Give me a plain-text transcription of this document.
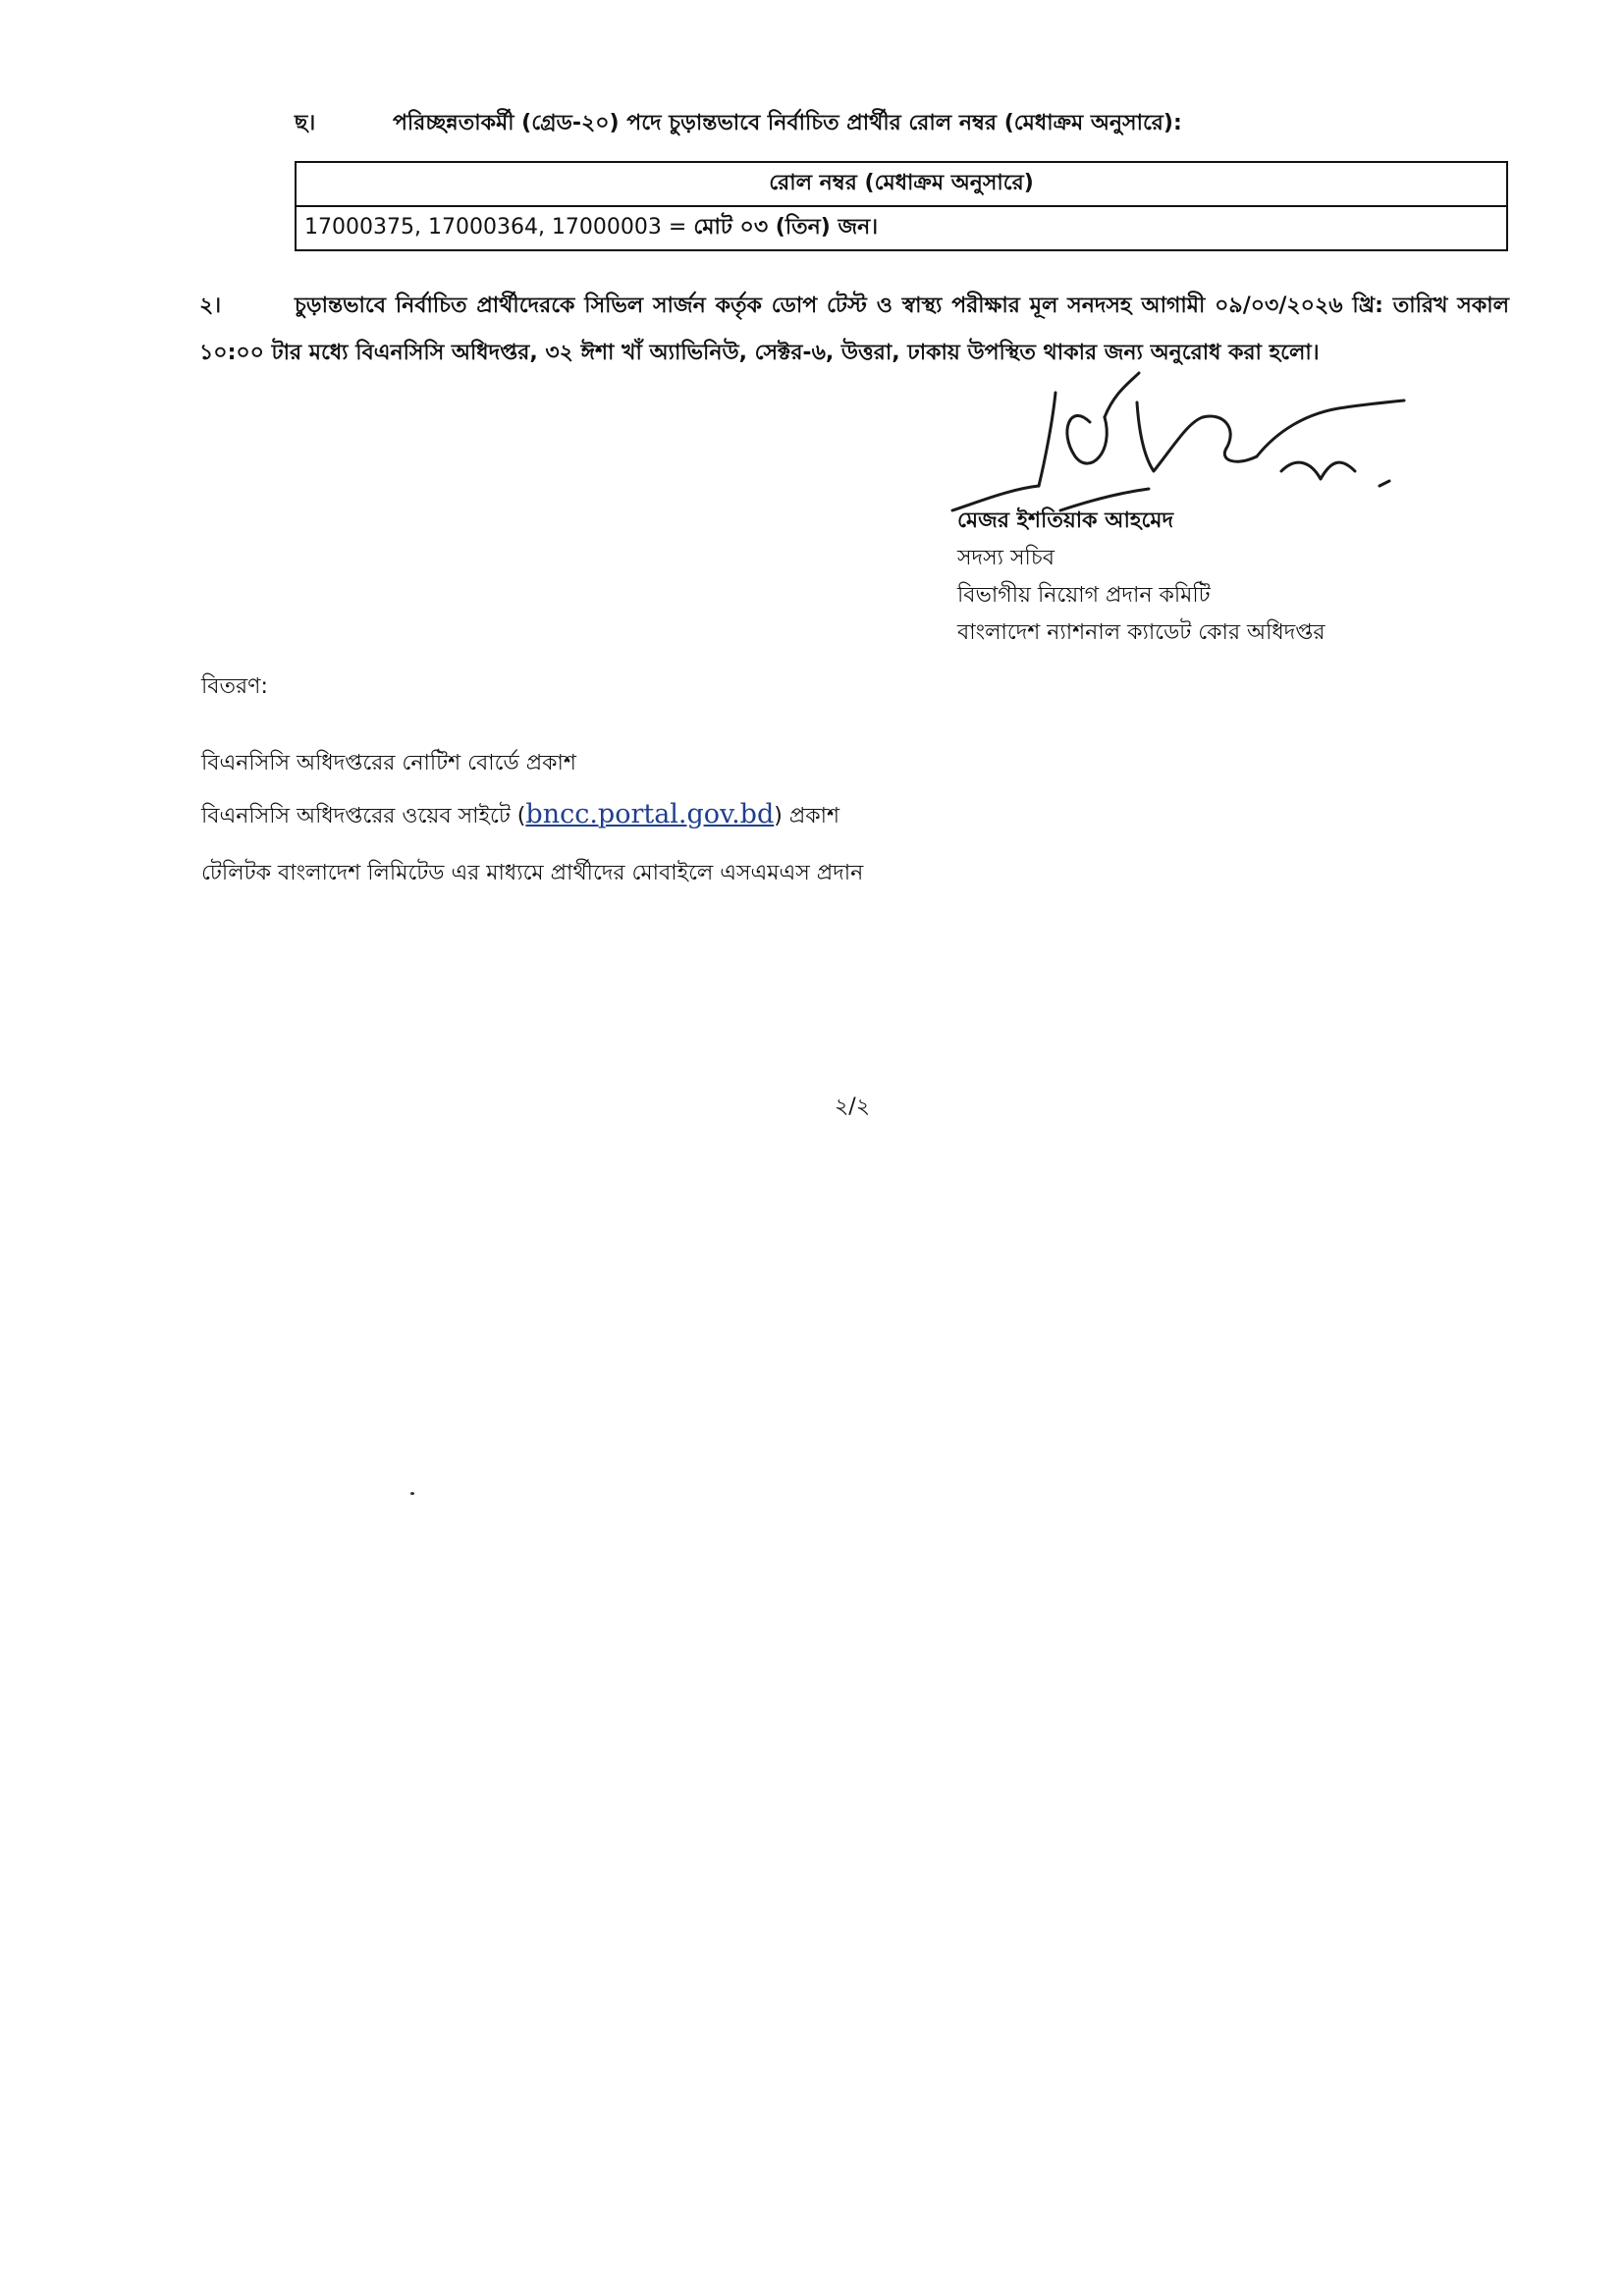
ছ।	পরিচ্ছন্নতাকর্মী (গ্রেড-২০) পদে চুড়ান্তভাবে নির্বাচিত প্রার্থীর রোল নম্বর (মেধাক্রম অনুসারে):
রোল নম্বর (মেধাক্রম অনুসারে)
17000375, 17000364, 17000003 = মোট ০৩ (তিন) জন।
২।	চুড়ান্তভাবে নির্বাচিত প্রার্থীদেরকে সিভিল সার্জন কর্তৃক ডোপ টেস্ট ও স্বাস্থ্য পরীক্ষার মূল সনদসহ আগামী ০৯/০৩/২০২৬ খ্রি: তারিখ সকাল ১০:০০ টার মধ্যে বিএনসিসি অধিদপ্তর, ৩২ ঈশা খাঁ অ্যাভিনিউ, সেক্টর-৬, উত্তরা, ঢাকায় উপস্থিত থাকার জন্য অনুরোধ করা হলো।
মেজর ইশতিয়াক আহমেদ
সদস্য সচিব
বিভাগীয় নিয়োগ প্রদান কমিটি
বাংলাদেশ ন্যাশনাল ক্যাডেট কোর অধিদপ্তর
বিতরণ:
বিএনসিসি অধিদপ্তরের নোটিশ বোর্ডে প্রকাশ
বিএনসিসি অধিদপ্তরের ওয়েব সাইটে (bncc.portal.gov.bd) প্রকাশ
টেলিটক বাংলাদেশ লিমিটেড এর মাধ্যমে প্রার্থীদের মোবাইলে এসএমএস প্রদান
২/২
